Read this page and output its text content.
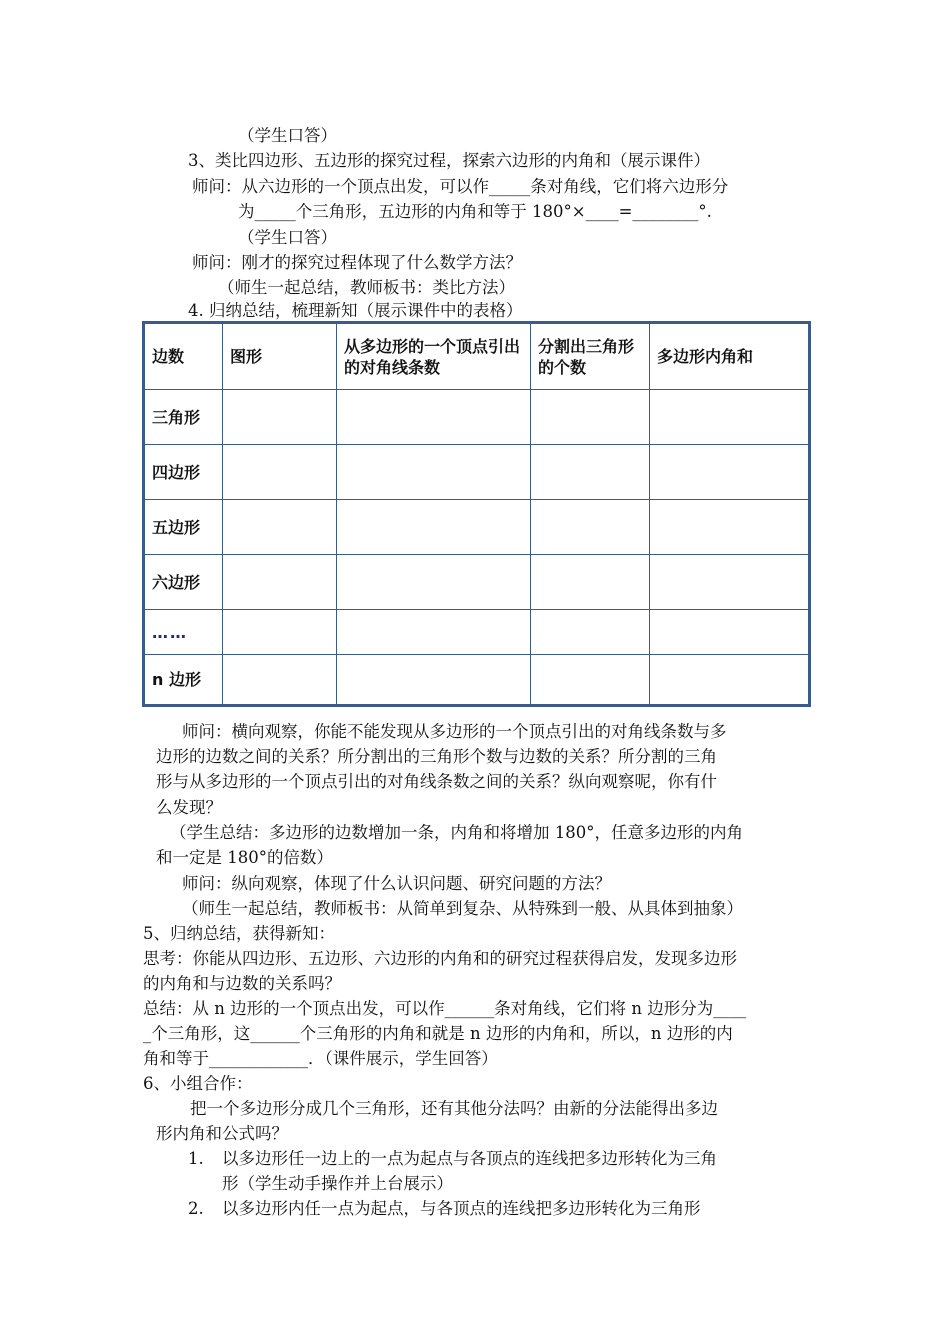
（学生口答）
3、类比四边形、五边形的探究过程，探索六边形的内角和（展示课件）
师问：从六边形的一个顶点出发，可以作_____条对角线，它们将六边形分
为_____个三角形，五边形的内角和等于 180°×____=________°.
（学生口答）
师问：刚才的探究过程体现了什么数学方法？
（师生一起总结，教师板书：类比方法）
4. 归纳总结，梳理新知（展示课件中的表格）
边数	图形	从多边形的一个顶点引出的对角线条数	分割出三角形的个数	多边形内角和
三角形				
四边形				
五边形				
六边形				
……				
n 边形				
师问：横向观察，你能不能发现从多边形的一个顶点引出的对角线条数与多
边形的边数之间的关系？所分割出的三角形个数与边数的关系？所分割的三角
形与从多边形的一个顶点引出的对角线条数之间的关系？纵向观察呢，你有什
么发现？
（学生总结：多边形的边数增加一条，内角和将增加 180°，任意多边形的内角
和一定是 180°的倍数）
师问：纵向观察，体现了什么认识问题、研究问题的方法？
（师生一起总结，教师板书：从简单到复杂、从特殊到一般、从具体到抽象）
5、归纳总结，获得新知：
思考：你能从四边形、五边形、六边形的内角和的研究过程获得启发，发现多边形
的内角和与边数的关系吗？
总结：从 n 边形的一个顶点出发，可以作______条对角线，它们将 n 边形分为____
_个三角形，这______个三角形的内角和就是 n 边形的内角和，所以，n 边形的内
角和等于____________．（课件展示，学生回答）
6、小组合作：
把一个多边形分成几个三角形，还有其他分法吗？由新的分法能得出多边
形内角和公式吗？
1. 以多边形任一边上的一点为起点与各顶点的连线把多边形转化为三角
形（学生动手操作并上台展示）
2. 以多边形内任一点为起点，与各顶点的连线把多边形转化为三角形
